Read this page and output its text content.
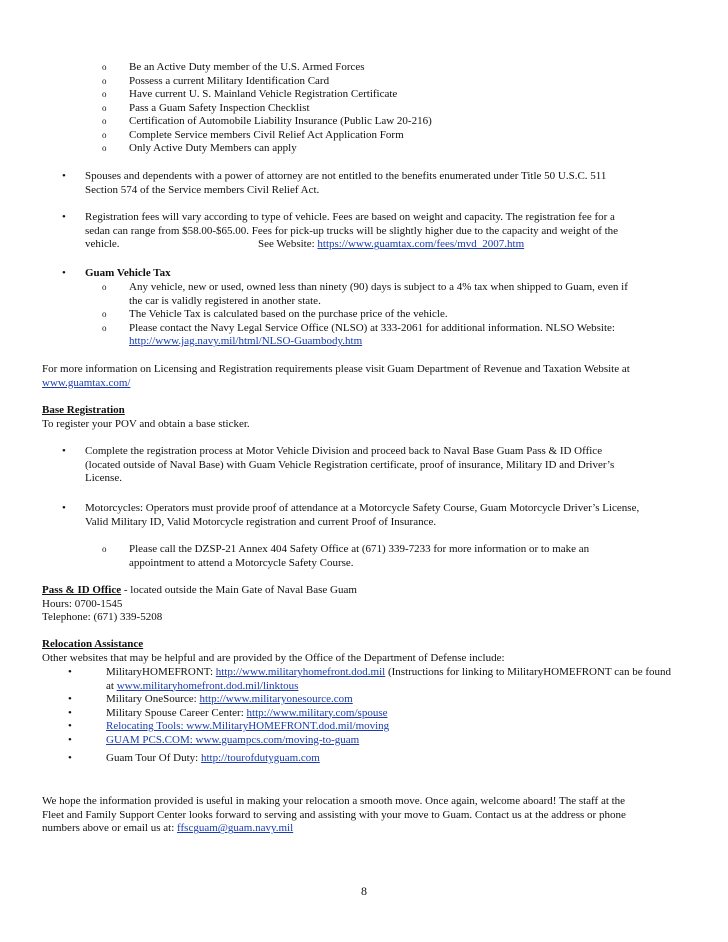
o Be an Active Duty member of the U.S. Armed Forces
o Possess a current Military Identification Card
o Have current U. S. Mainland Vehicle Registration Certificate
o Pass a Guam Safety Inspection Checklist
o Certification of Automobile Liability Insurance (Public Law 20-216)
o Complete Service members Civil Relief Act Application Form
o Only Active Duty Members can apply
• Spouses and dependents with a power of attorney are not entitled to the benefits enumerated under Title 50 U.S.C. 511
Section 574 of the Service members Civil Relief Act.
• Registration fees will vary according to type of vehicle. Fees are based on weight and capacity. The registration fee for a
sedan can range from $58.00-$65.00. Fees for pick-up trucks will be slightly higher due to the capacity and weight of the
vehicle.	See Website: https://www.guamtax.com/fees/mvd_2007.htm
• Guam Vehicle Tax
o Any vehicle, new or used, owned less than ninety (90) days is subject to a 4% tax when shipped to Guam, even if
the car is validly registered in another state.
o The Vehicle Tax is calculated based on the purchase price of the vehicle.
o Please contact the Navy Legal Service Office (NLSO) at 333-2061 for additional information. NLSO Website:
http://www.jag.navy.mil/html/NLSO-Guambody.htm
For more information on Licensing and Registration requirements please visit Guam Department of Revenue and Taxation Website at
www.guamtax.com/
Base Registration
To register your POV and obtain a base sticker.
• Complete the registration process at Motor Vehicle Division and proceed back to Naval Base Guam Pass & ID Office
(located outside of Naval Base) with Guam Vehicle Registration certificate, proof of insurance, Military ID and Driver’s
License.
• Motorcycles: Operators must provide proof of attendance at a Motorcycle Safety Course, Guam Motorcycle Driver’s License,
Valid Military ID, Valid Motorcycle registration and current Proof of Insurance.
o Please call the DZSP-21 Annex 404 Safety Office at (671) 339-7233 for more information or to make an
appointment to attend a Motorcycle Safety Course.
Pass & ID Office - located outside the Main Gate of Naval Base Guam
Hours: 0700-1545
Telephone: (671) 339-5208
Relocation Assistance
Other websites that may be helpful and are provided by the Office of the Department of Defense include:
•	MilitaryHOMEFRONT: http://www.militaryhomefront.dod.mil (Instructions for linking to MilitaryHOMEFRONT can be found
at www.militaryhomefront.dod.mil/linktous
•	Military OneSource: http://www.militaryonesource.com
•	Military Spouse Career Center: http://www.military.com/spouse
•	Relocating Tools: www.MilitaryHOMEFRONT.dod.mil/moving
•	GUAM PCS.COM: www.guampcs.com/moving-to-guam
•	Guam Tour Of Duty: http://tourofdutyguam.com
We hope the information provided is useful in making your relocation a smooth move. Once again, welcome aboard! The staff at the
Fleet and Family Support Center looks forward to serving and assisting with your move to Guam. Contact us at the address or phone
numbers above or email us at: ffscguam@guam.navy.mil
8
